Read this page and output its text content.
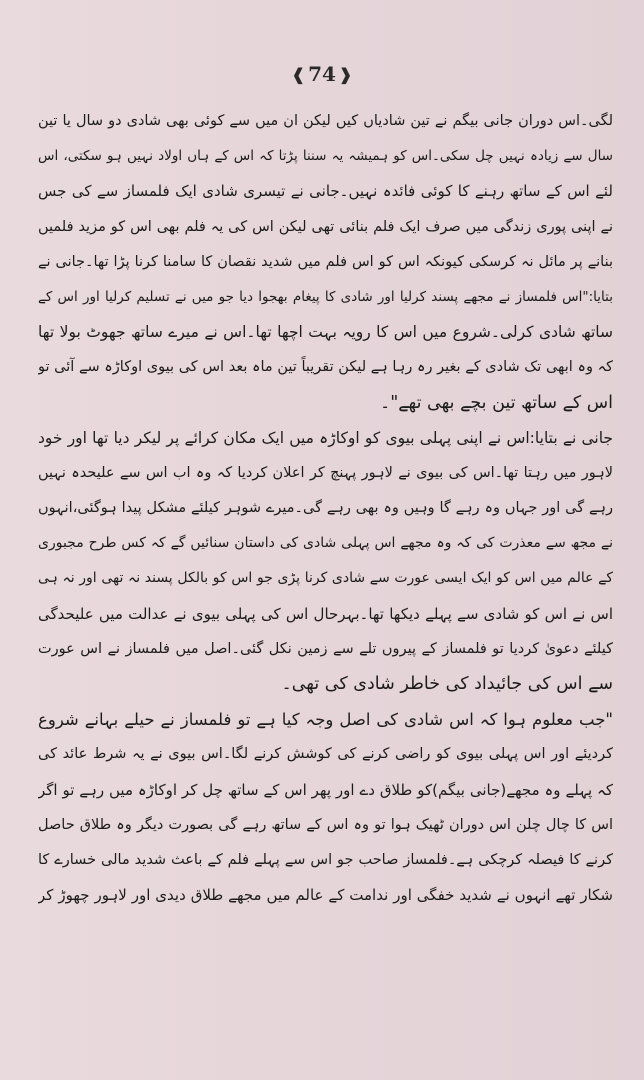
❰ 74 ❱
لگی۔اس دوران جانی بیگم نے تین شادیاں کیں لیکن ان میں سے کوئی بھی شادی دو سال یا تین
سال سے زیادہ نہیں چل سکی۔اس کو ہمیشہ یہ سننا پڑتا کہ اس کے ہاں اولاد نہیں ہو سکتی، اس
لئے اس کے ساتھ رہنے کا کوئی فائدہ نہیں۔جانی نے تیسری شادی ایک فلمساز سے کی جس
نے اپنی پوری زندگی میں صرف ایک فلم بنائی تھی لیکن اس کی یہ فلم بھی اس کو مزید فلمیں
بنانے پر مائل نہ کرسکی کیونکہ اس کو اس فلم میں شدید نقصان کا سامنا کرنا پڑا تھا۔جانی نے
بتایا:"اس فلمساز نے مجھے پسند کرلیا اور شادی کا پیغام بھجوا دیا جو میں نے تسلیم کرلیا اور اس کے
ساتھ شادی کرلی۔شروع میں اس کا رویہ بہت اچھا تھا۔اس نے میرے ساتھ جھوٹ بولا تھا
کہ وہ ابھی تک شادی کے بغیر رہ رہا ہے لیکن تقریباً تین ماہ بعد اس کی بیوی اوکاڑہ سے آئی تو
اس کے ساتھ تین بچے بھی تھے"۔
جانی نے بتایا:اس نے اپنی پہلی بیوی کو اوکاڑہ میں ایک مکان کرائے پر لیکر دیا تھا اور خود
لاہور میں رہتا تھا۔اس کی بیوی نے لاہور پہنچ کر اعلان کردیا کہ وہ اب اس سے علیحدہ نہیں
رہے گی اور جہاں وہ رہے گا وہیں وہ بھی رہے گی۔میرے شوہر کیلئے مشکل پیدا ہوگئی،انہوں
نے مجھ سے معذرت کی کہ وہ مجھے اس پہلی شادی کی داستان سنائیں گے کہ کس طرح مجبوری
کے عالم میں اس کو ایک ایسی عورت سے شادی کرنا پڑی جو اس کو بالکل پسند نہ تھی اور نہ ہی
اس نے اس کو شادی سے پہلے دیکھا تھا۔بہرحال اس کی پہلی بیوی نے عدالت میں علیحدگی
کیلئے دعویٰ کردیا تو فلمساز کے پیروں تلے سے زمین نکل گئی۔اصل میں فلمساز نے اس عورت
سے اس کی جائیداد کی خاطر شادی کی تھی۔
"جب معلوم ہوا کہ اس شادی کی اصل وجہ کیا ہے تو فلمساز نے حیلے بہانے شروع
کردیئے اور اس پہلی بیوی کو راضی کرنے کی کوشش کرنے لگا۔اس بیوی نے یہ شرط عائد کی
کہ پہلے وہ مجھے(جانی بیگم)کو طلاق دے اور پھر اس کے ساتھ چل کر اوکاڑہ میں رہے تو اگر
اس کا چال چلن اس دوران ٹھیک ہوا تو وہ اس کے ساتھ رہے گی بصورت دیگر وہ طلاق حاصل
کرنے کا فیصلہ کرچکی ہے۔فلمساز صاحب جو اس سے پہلے فلم کے باعث شدید مالی خسارے کا
شکار تھے انہوں نے شدید خفگی اور ندامت کے عالم میں مجھے طلاق دیدی اور لاہور چھوڑ کر
